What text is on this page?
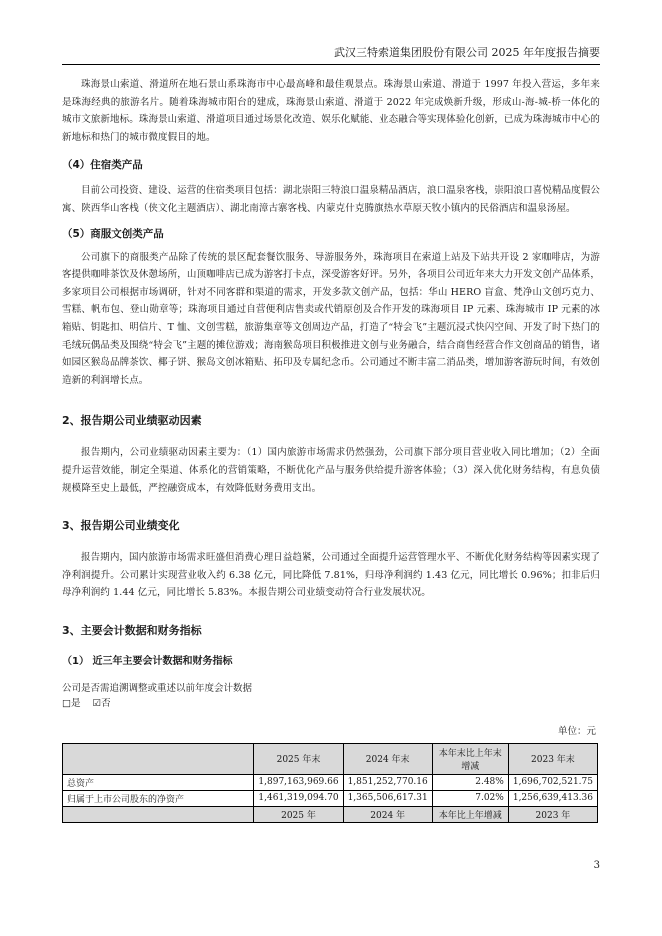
武汉三特索道集团股份有限公司 2025 年年度报告摘要

珠海景山索道、滑道所在地石景山系珠海市中心最高峰和最佳观景点。珠海景山索道、滑道于 1997 年投入营运，多年来是珠海经典的旅游名片。随着珠海城市阳台的建成，珠海景山索道、滑道于 2022 年完成焕新升级，形成山-海-城-桥一体化的城市文旅新地标。珠海景山索道、滑道项目通过场景化改造、娱乐化赋能、业态融合等实现体验化创新，已成为珠海城市中心的新地标和热门的城市微度假目的地。

（4）住宿类产品

目前公司投资、建设、运营的住宿类项目包括：湖北崇阳三特浪口温泉精品酒店，浪口温泉客栈，崇阳浪口喜悦精品度假公寓、陕西华山客栈（侠文化主题酒店）、湖北南漳古寨客栈、内蒙克什克腾旗热水草原天牧小镇内的民俗酒店和温泉汤屋。

（5）商服文创类产品

公司旗下的商服类产品除了传统的景区配套餐饮服务、导游服务外，珠海项目在索道上站及下站共开设 2 家咖啡店，为游客提供咖啡茶饮及休憩场所，山顶咖啡店已成为游客打卡点，深受游客好评。另外，各项目公司近年来大力开发文创产品体系，多家项目公司根据市场调研，针对不同客群和渠道的需求，开发多款文创产品，包括：华山 HERO 盲盒、梵净山文创巧克力、雪糕、帆布包、登山勋章等；珠海项目通过自营便利店售卖或代销原创及合作开发的珠海项目 IP 元素、珠海城市 IP 元素的冰箱贴、钥匙扣、明信片、T 恤、文创雪糕，旅游集章等文创周边产品，打造了“特会飞”主题沉浸式快闪空间、开发了时下热门的毛绒玩偶品类及围绕“特会飞”主题的摊位游戏；海南猴岛项目积极推进文创与业务融合，结合商售经营合作文创商品的销售，诸如园区猴岛品牌茶饮、椰子饼、猴岛文创冰箱贴、拓印及专属纪念币。公司通过不断丰富二消品类，增加游客游玩时间，有效创造新的利润增长点。

2、报告期公司业绩驱动因素

报告期内，公司业绩驱动因素主要为：（1）国内旅游市场需求仍然强劲，公司旗下部分项目营业收入同比增加；（2）全面提升运营效能，制定全渠道、体系化的营销策略，不断优化产品与服务供给提升游客体验；（3）深入优化财务结构，有息负债规模降至史上最低，严控融资成本，有效降低财务费用支出。

3、报告期公司业绩变化

报告期内，国内旅游市场需求旺盛但消费心理日益趋紧，公司通过全面提升运营管理水平、不断优化财务结构等因素实现了净利润提升。公司累计实现营业收入约 6.38 亿元，同比降低 7.81%，归母净利润约 1.43 亿元，同比增长 0.96%；扣非后归母净利润约 1.44 亿元，同比增长 5.83%。本报告期公司业绩变动符合行业发展状况。

3、主要会计数据和财务指标

（1） 近三年主要会计数据和财务指标

公司是否需追溯调整或重述以前年度会计数据

□是 ☑否

单位：元

	2025 年末	2024 年末	本年末比上年末增减	2023 年末
总资产	1,897,163,969.66	1,851,252,770.16	2.48%	1,696,702,521.75
归属于上市公司股东的净资产	1,461,319,094.70	1,365,506,617.31	7.02%	1,256,639,413.36
	2025 年	2024 年	本年比上年增减	2023 年
3
